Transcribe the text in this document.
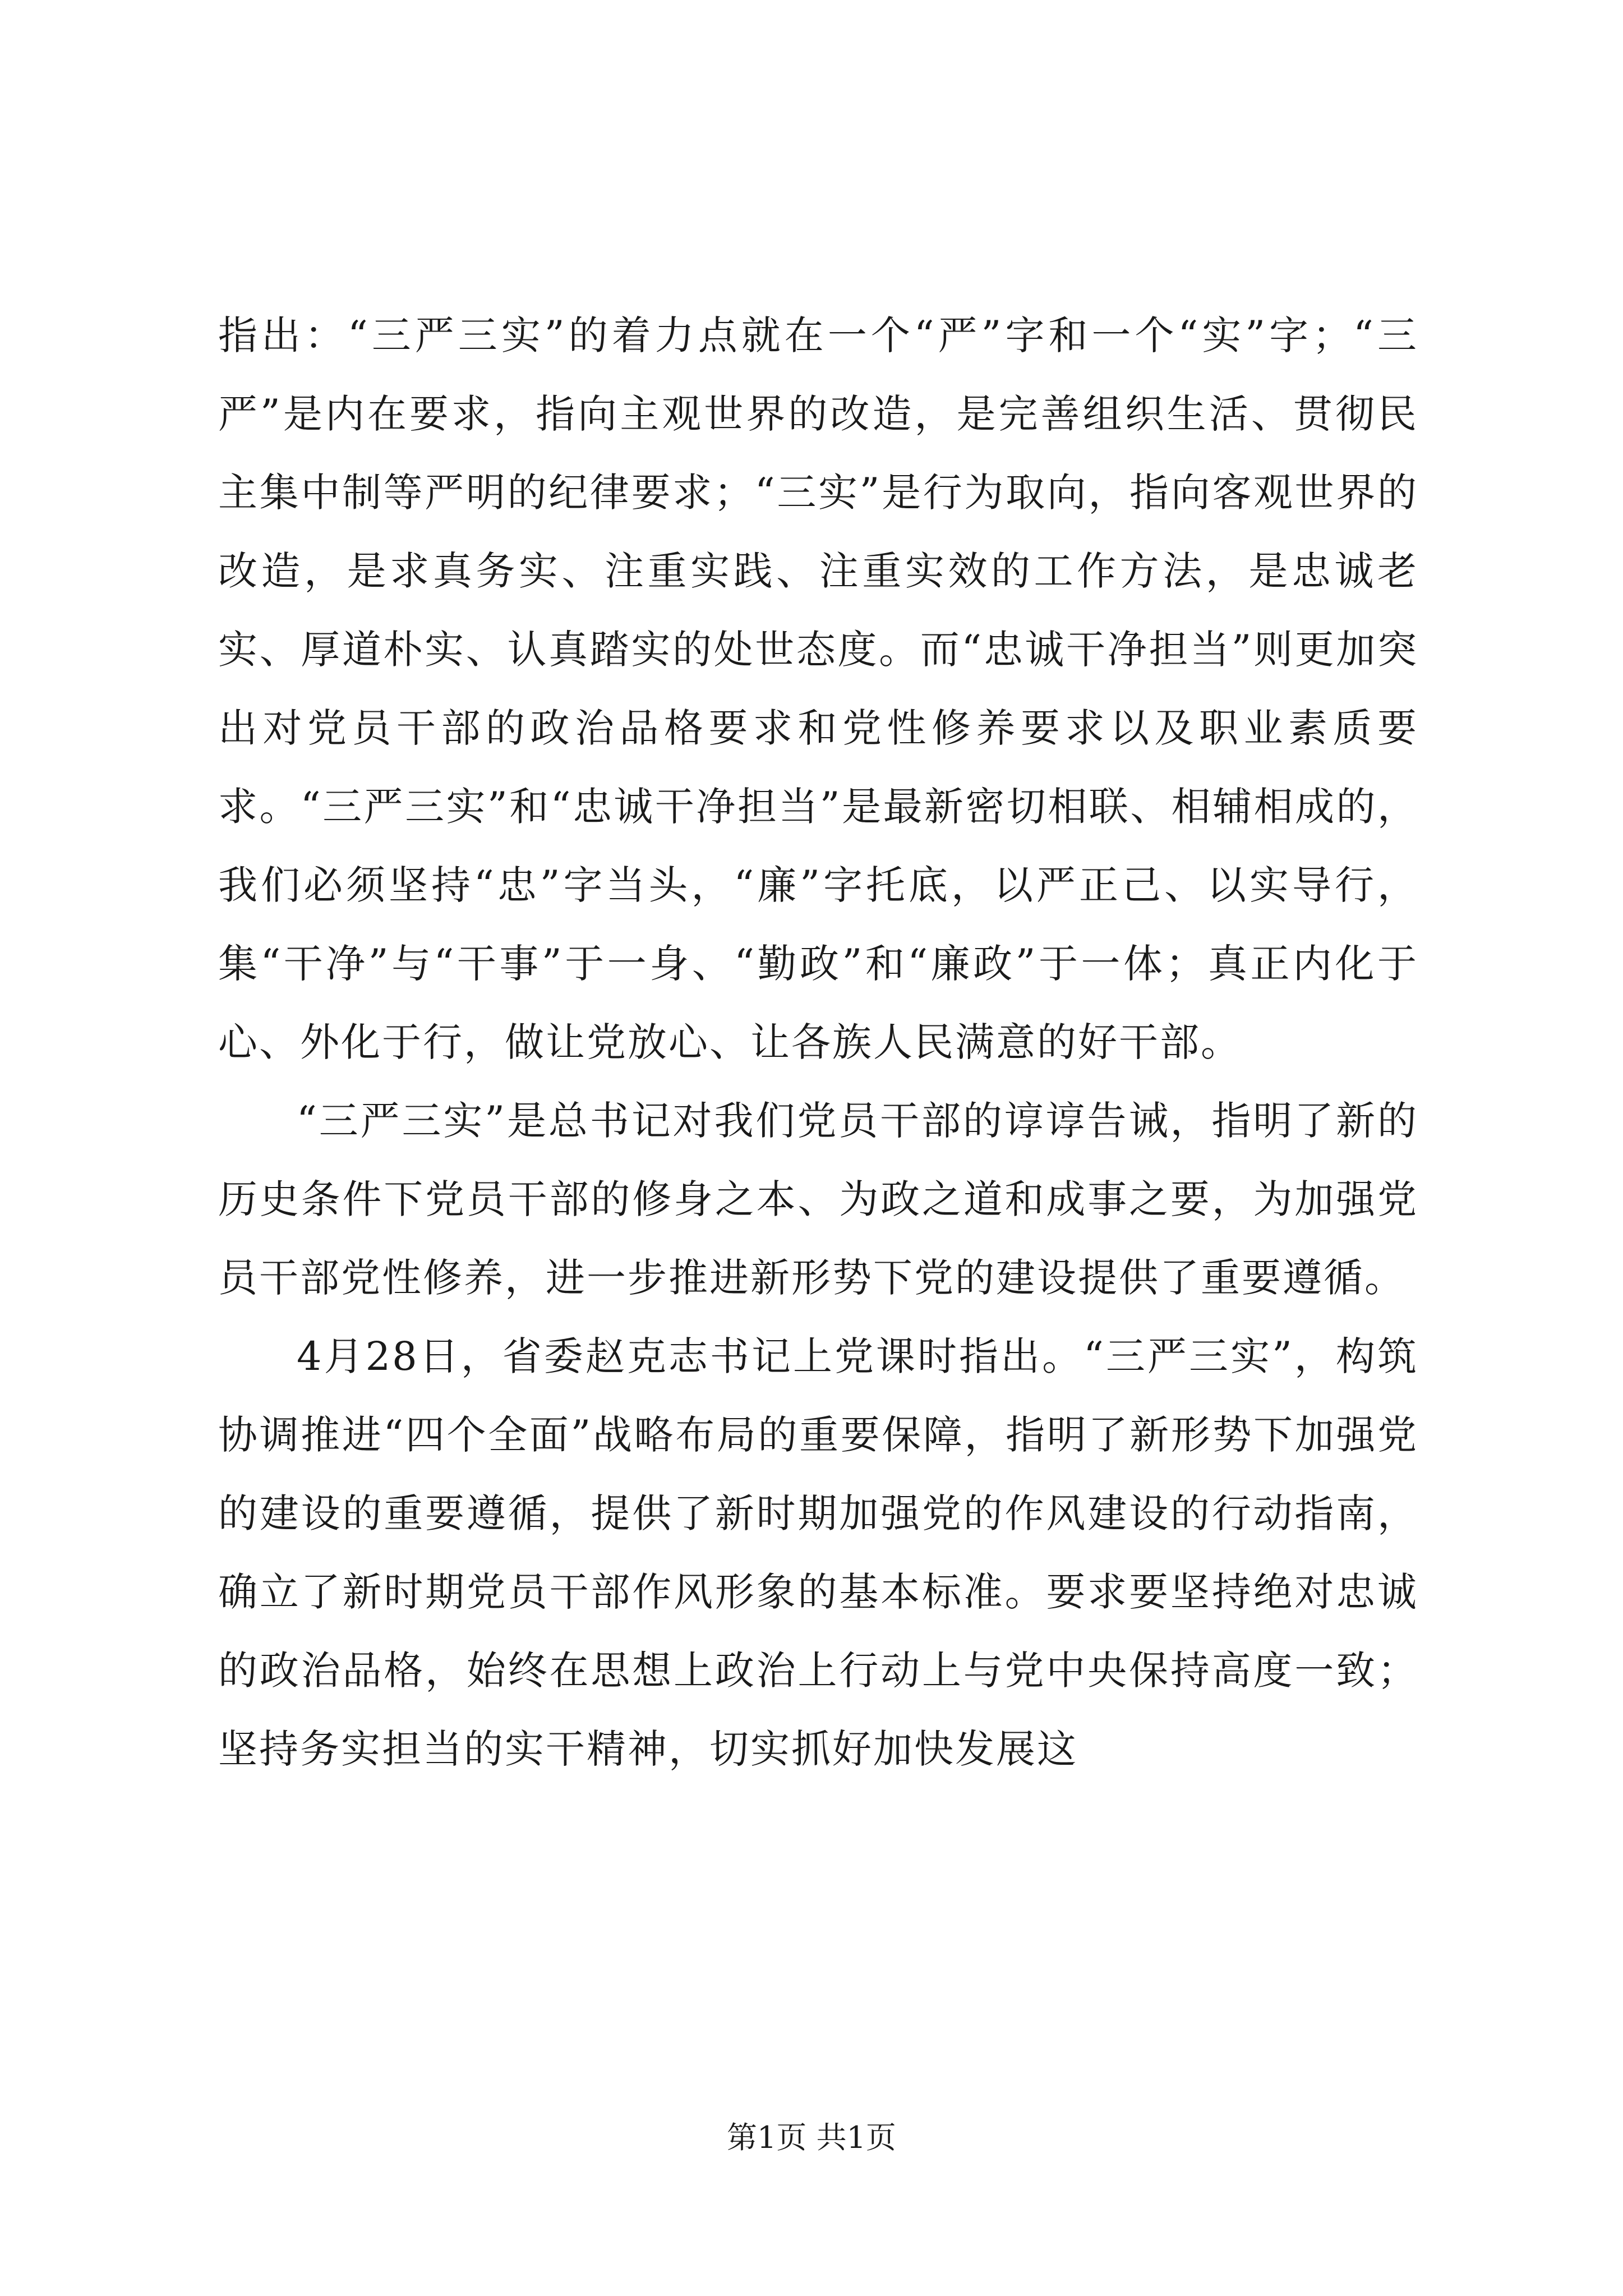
指出：“三严三实”的着力点就在一个“严”字和一个“实”字；“三严”是内在要求，指向主观世界的改造，是完善组织生活、贯彻民主集中制等严明的纪律要求；“三实”是行为取向，指向客观世界的改造，是求真务实、注重实践、注重实效的工作方法，是忠诚老实、厚道朴实、认真踏实的处世态度。而“忠诚干净担当”则更加突出对党员干部的政治品格要求和党性修养要求以及职业素质要求。“三严三实”和“忠诚干净担当”是最新密切相联、相辅相成的，我们必须坚持“忠”字当头，“廉”字托底，以严正己、以实导行，集“干净”与“干事”于一身、“勤政”和“廉政”于一体；真正内化于心、外化于行，做让党放心、让各族人民满意的好干部。

“三严三实”是总书记对我们党员干部的谆谆告诫，指明了新的历史条件下党员干部的修身之本、为政之道和成事之要，为加强党员干部党性修养，进一步推进新形势下党的建设提供了重要遵循。

4月28日，省委赵克志书记上党课时指出。“三严三实”，构筑协调推进“四个全面”战略布局的重要保障，指明了新形势下加强党的建设的重要遵循，提供了新时期加强党的作风建设的行动指南，确立了新时期党员干部作风形象的基本标准。要求要坚持绝对忠诚的政治品格，始终在思想上政治上行动上与党中央保持高度一致；坚持务实担当的实干精神，切实抓好加快发展这

第1页 共1页
